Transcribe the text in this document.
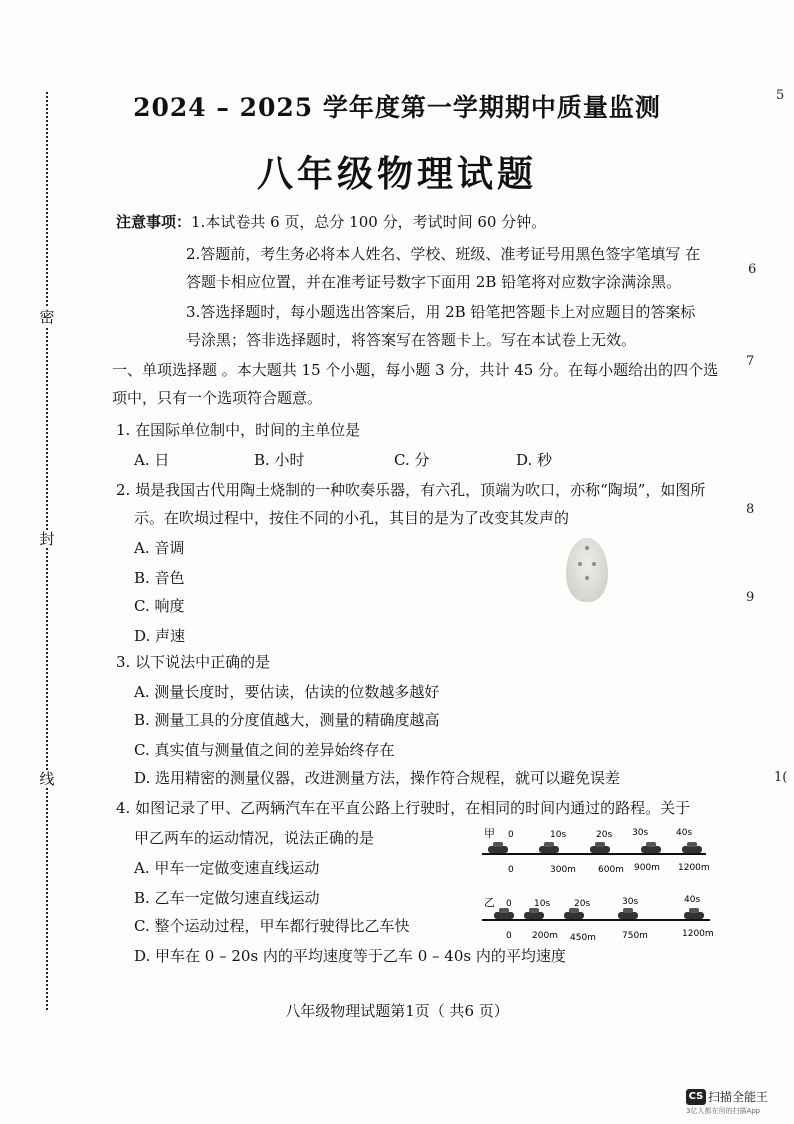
密
封
线
5
6
7
8
9
1(
2024 – 2025 学年度第一学期期中质量监测
八年级物理试题
注意事项：1.本试卷共 6 页，总分 100 分，考试时间 60 分钟。
2.答题前，考生务必将本人姓名、学校、班级、准考证号用黑色签字笔填写 在
答题卡相应位置，并在准考证号数字下面用 2B 铅笔将对应数字涂满涂黑。
3.答选择题时，每小题选出答案后，用 2B 铅笔把答题卡上对应题目的答案标
号涂黑；答非选择题时，将答案写在答题卡上。写在本试卷上无效。
一、单项选择题 。本大题共 15 个小题，每小题 3 分，共计 45 分。在每小题给出的四个选
项中，只有一个选项符合题意。
1. 在国际单位制中，时间的主单位是
A. 日	B. 小时	C. 分	D. 秒
2. 埙是我国古代用陶土烧制的一种吹奏乐器，有六孔，顶端为吹口，亦称“陶埙”，如图所
示。在吹埙过程中，按住不同的小孔，其目的是为了改变其发声的
A. 音调
B. 音色
C. 响度
D. 声速
3. 以下说法中正确的是
A. 测量长度时，要估读，估读的位数越多越好
B. 测量工具的分度值越大，测量的精确度越高
C. 真实值与测量值之间的差异始终存在
D. 选用精密的测量仪器，改进测量方法，操作符合规程，就可以避免误差
4. 如图记录了甲、乙两辆汽车在平直公路上行驶时，在相同的时间内通过的路程。关于
甲乙两车的运动情况，说法正确的是
A. 甲车一定做变速直线运动
B. 乙车一定做匀速直线运动
C. 整个运动过程，甲车都行驶得比乙车快
D. 甲车在 0 – 20s 内的平均速度等于乙车 0 – 40s 内的平均速度
甲 0	10s	20s 30s	40s
0	300m 600m 900m 1200m
乙 0 10s	20s	30s	40s
0 200m 450m	750m	1200m
八年级物理试题第1页（ 共6 页）
CS 扫描全能王
3亿人都在用的扫描App
